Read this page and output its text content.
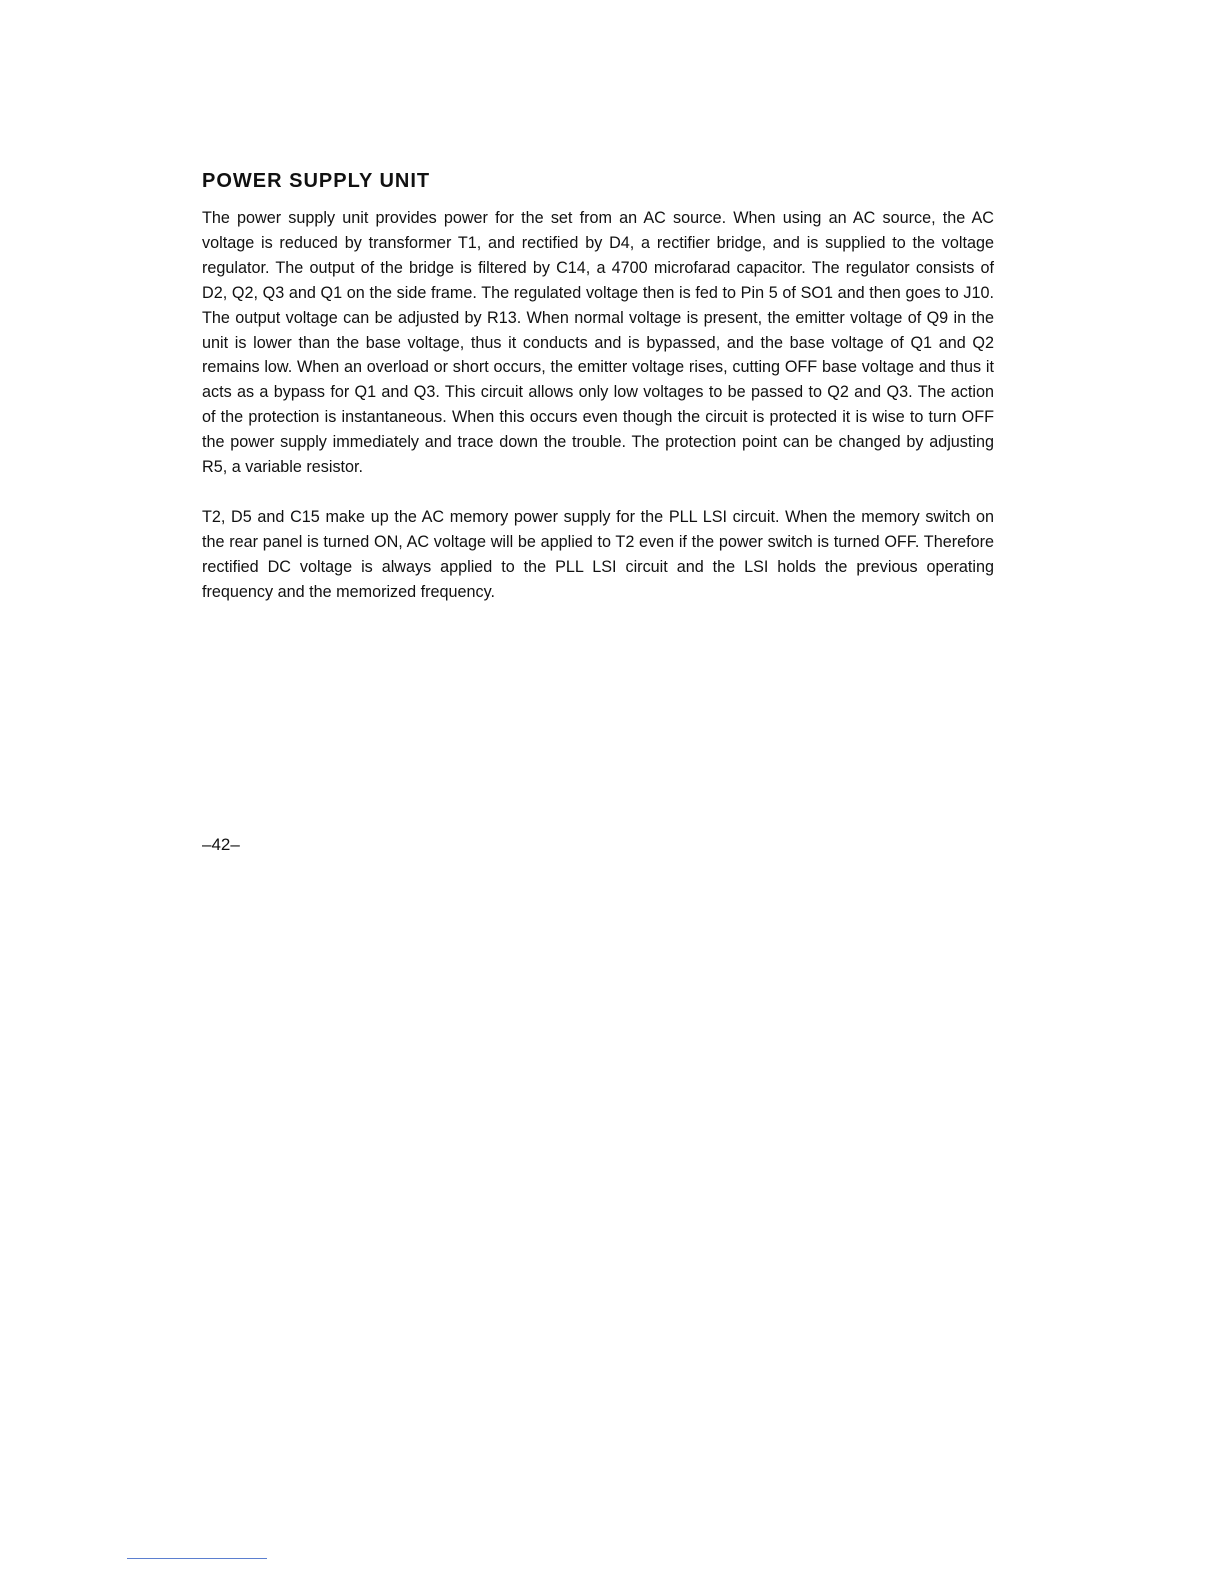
POWER SUPPLY UNIT

The power supply unit provides power for the set from an AC source. When using an AC source, the AC voltage is reduced by transformer T1, and rectified by D4, a rectifier bridge, and is supplied to the voltage regulator. The output of the bridge is filtered by C14, a 4700 microfarad capacitor. The regulator consists of D2, Q2, Q3 and Q1 on the side frame. The regulated voltage then is fed to Pin 5 of SO1 and then goes to J10. The output voltage can be adjusted by R13. When normal voltage is present, the emitter voltage of Q9 in the unit is lower than the base voltage, thus it conducts and is bypassed, and the base voltage of Q1 and Q2 remains low. When an overload or short occurs, the emitter voltage rises, cutting OFF base voltage and thus it acts as a bypass for Q1 and Q3. This circuit allows only low voltages to be passed to Q2 and Q3. The action of the protection is instantaneous. When this occurs even though the circuit is protected it is wise to turn OFF the power supply immediately and trace down the trouble. The protection point can be changed by adjusting R5, a variable resistor.

T2, D5 and C15 make up the AC memory power supply for the PLL LSI circuit. When the memory switch on the rear panel is turned ON, AC voltage will be applied to T2 even if the power switch is turned OFF. Therefore rectified DC voltage is always applied to the PLL LSI circuit and the LSI holds the previous operating frequency and the memorized frequency.

–42–
